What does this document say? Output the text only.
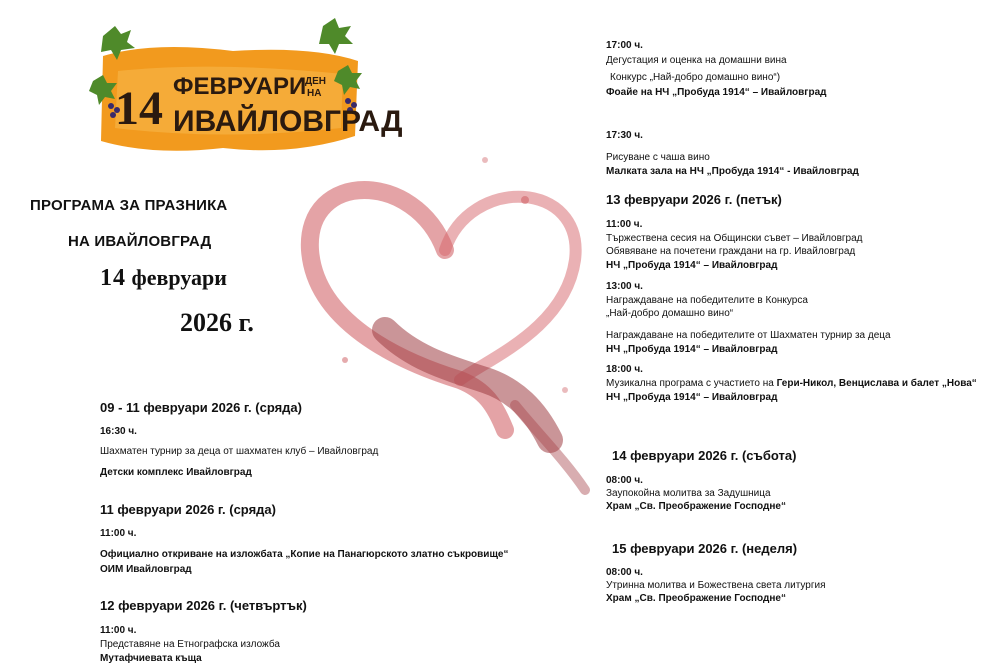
14 ФЕВРУАРИ
ДЕН
НА
ИВАЙЛОВГРАД
ПРОГРАМА ЗА ПРАЗНИКА
НА ИВАЙЛОВГРАД
14 февруари
2026 г.
09 - 11 февруари 2026 г. (сряда)
16:30 ч.
Шахматен турнир за деца от шахматен клуб – Ивайловград
Детски комплекс Ивайловград
11 февруари 2026 г. (сряда)
11:00 ч.
Официално откриване на изложбата „Копие на Панагюрското златно съкровище“
ОИМ Ивайловград
12 февруари 2026 г. (четвъртък)
11:00 ч.
Представяне на Етнографска изложба
Мутафчиевата къща
17:00 ч.
Дегустация и оценка на домашни вина
Конкурс „Най-добро домашно вино“)
Фоайе на НЧ „Пробуда 1914“ – Ивайловград
17:30 ч.
Рисуване с чаша вино
Малката зала на НЧ „Пробуда 1914“ - Ивайловград
13 февруари 2026 г. (петък)
11:00 ч.
Тържествена сесия на Общински съвет – Ивайловград
Обявяване на почетени граждани на гр. Ивайловград
НЧ „Пробуда 1914“ – Ивайловград
13:00 ч.
Награждаване на победителите в Конкурса
„Най-добро домашно вино“
Награждаване на победителите от Шахматен турнир за деца
НЧ „Пробуда 1914“ – Ивайловград
18:00 ч.
Музикална програма с участието на Гери-Никол, Венцислава и балет „Нова“
НЧ „Пробуда 1914“ – Ивайловград
14 февруари 2026 г. (събота)
08:00 ч.
Заупокойна молитва за Задушница
Храм „Св. Преображение Господне“
15 февруари 2026 г. (неделя)
08:00 ч.
Утринна молитва и Божествена света литургия
Храм „Св. Преображение Господне“
